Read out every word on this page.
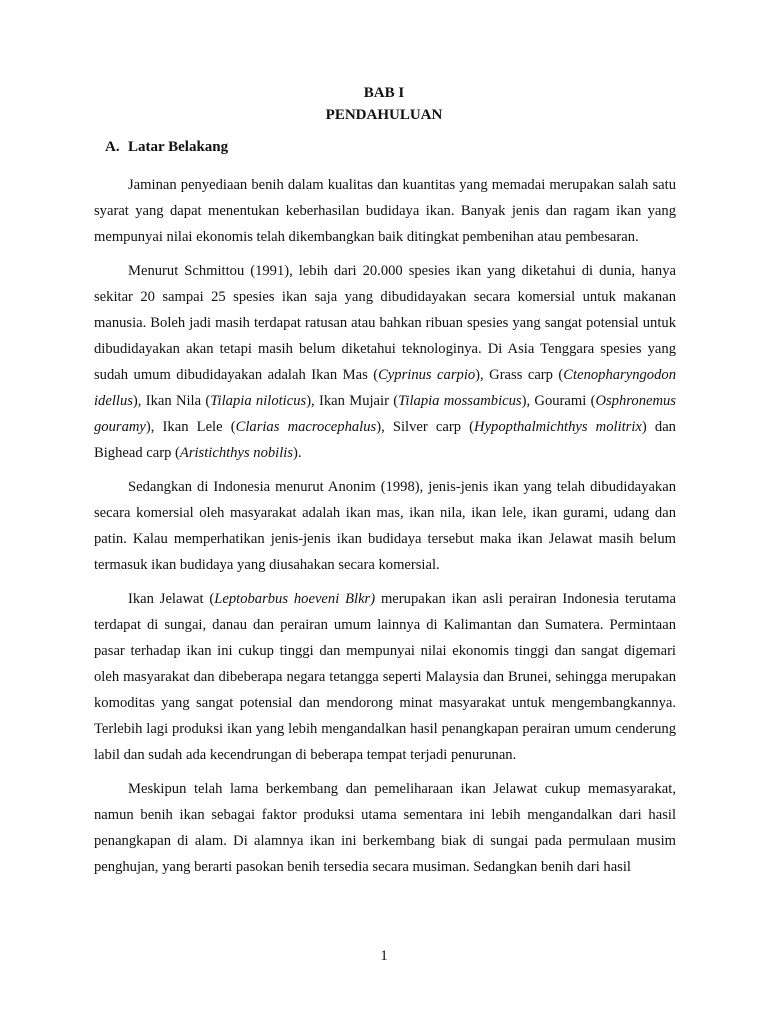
BAB I
PENDAHULUAN
A. Latar Belakang

Jaminan penyediaan benih dalam kualitas dan kuantitas yang memadai merupakan salah satu syarat yang dapat menentukan keberhasilan budidaya ikan. Banyak jenis dan ragam ikan yang mempunyai nilai ekonomis telah dikembangkan baik ditingkat pembenihan atau pembesaran.

Menurut Schmittou (1991), lebih dari 20.000 spesies ikan yang diketahui di dunia, hanya sekitar 20 sampai 25 spesies ikan saja yang dibudidayakan secara komersial untuk makanan manusia. Boleh jadi masih terdapat ratusan atau bahkan ribuan spesies yang sangat potensial untuk dibudidayakan akan tetapi masih belum diketahui teknologinya. Di Asia Tenggara spesies yang sudah umum dibudidayakan adalah Ikan Mas (Cyprinus carpio), Grass carp (Ctenopharyngodon idellus), Ikan Nila (Tilapia niloticus), Ikan Mujair (Tilapia mossambicus), Gourami (Osphronemus gouramy), Ikan Lele (Clarias macrocephalus), Silver carp (Hypopthalmichthys molitrix) dan Bighead carp (Aristichthys nobilis).

Sedangkan di Indonesia menurut Anonim (1998), jenis-jenis ikan yang telah dibudidayakan secara komersial oleh masyarakat adalah ikan mas, ikan nila, ikan lele, ikan gurami, udang dan patin. Kalau memperhatikan jenis-jenis ikan budidaya tersebut maka ikan Jelawat masih belum termasuk ikan budidaya yang diusahakan secara komersial.

Ikan Jelawat (Leptobarbus hoeveni Blkr) merupakan ikan asli perairan Indonesia terutama terdapat di sungai, danau dan perairan umum lainnya di Kalimantan dan Sumatera. Permintaan pasar terhadap ikan ini cukup tinggi dan mempunyai nilai ekonomis tinggi dan sangat digemari oleh masyarakat dan dibeberapa negara tetangga seperti Malaysia dan Brunei, sehingga merupakan komoditas yang sangat potensial dan mendorong minat masyarakat untuk mengembangkannya. Terlebih lagi produksi ikan yang lebih mengandalkan hasil penangkapan perairan umum cenderung labil dan sudah ada kecendrungan di beberapa tempat terjadi penurunan.

Meskipun telah lama berkembang dan pemeliharaan ikan Jelawat cukup memasyarakat, namun benih ikan sebagai faktor produksi utama sementara ini lebih mengandalkan dari hasil penangkapan di alam. Di alamnya ikan ini berkembang biak di sungai pada permulaan musim penghujan, yang berarti pasokan benih tersedia secara musiman. Sedangkan benih dari hasil

1
